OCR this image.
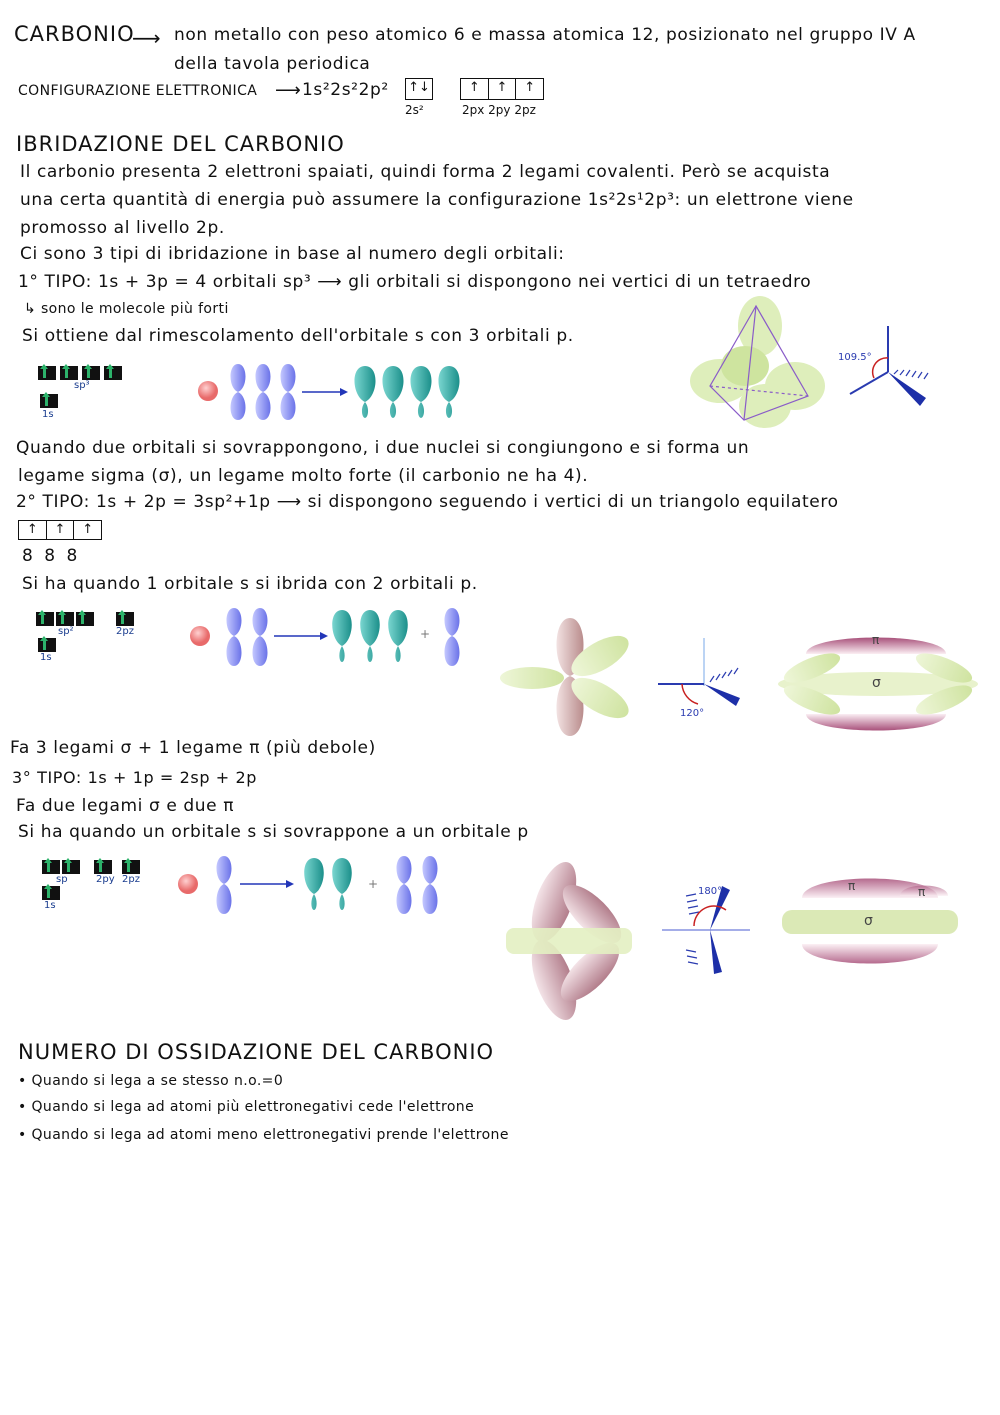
CARBONIO
⟶ non metallo con peso atomico 6 e massa atomica 12, posizionato nel gruppo IV A
della tavola periodica
CONFIGURAZIONE ELETTRONICA ⟶ 1s²2s²2p² ↑↓
2s²
↑	↑	↑
2px 2py 2pz
IBRIDAZIONE DEL CARBONIO
Il carbonio presenta 2 elettroni spaiati, quindi forma 2 legami covalenti. Però se acquista
una certa quantità di energia può assumere la configurazione 1s²2s¹2p³: un elettrone viene
promosso al livello 2p.
Ci sono 3 tipi di ibridazione in base al numero degli orbitali:
1° TIPO: 1s + 3p = 4 orbitali sp³ ⟶ gli orbitali si dispongono nei vertici di un tetraedro
↳ sono le molecole più forti
Si ottiene dal rimescolamento dell'orbitale s con 3 orbitali p.
sp³
1s
109.5°
Quando due orbitali si sovrappongono, i due nuclei si congiungono e si forma un
legame sigma (σ), un legame molto forte (il carbonio ne ha 4).
2° TIPO: 1s + 2p = 3sp²+1p ⟶ si dispongono seguendo i vertici di un triangolo equilatero
↑	↑	↑
8 8 8
Si ha quando 1 orbitale s si ibrida con 2 orbitali p.
sp²	2pz
1s
+
120°
π
σ
Fa 3 legami σ + 1 legame π (più debole)
3° TIPO: 1s + 1p = 2sp + 2p
Fa due legami σ e due π
Si ha quando un orbitale s si sovrappone a un orbitale p
sp	2py 2pz
1s
+
180°	π	π
σ
NUMERO DI OSSIDAZIONE DEL CARBONIO
• Quando si lega a se stesso n.o.=0
• Quando si lega ad atomi più elettronegativi cede l'elettrone
• Quando si lega ad atomi meno elettronegativi prende l'elettrone
